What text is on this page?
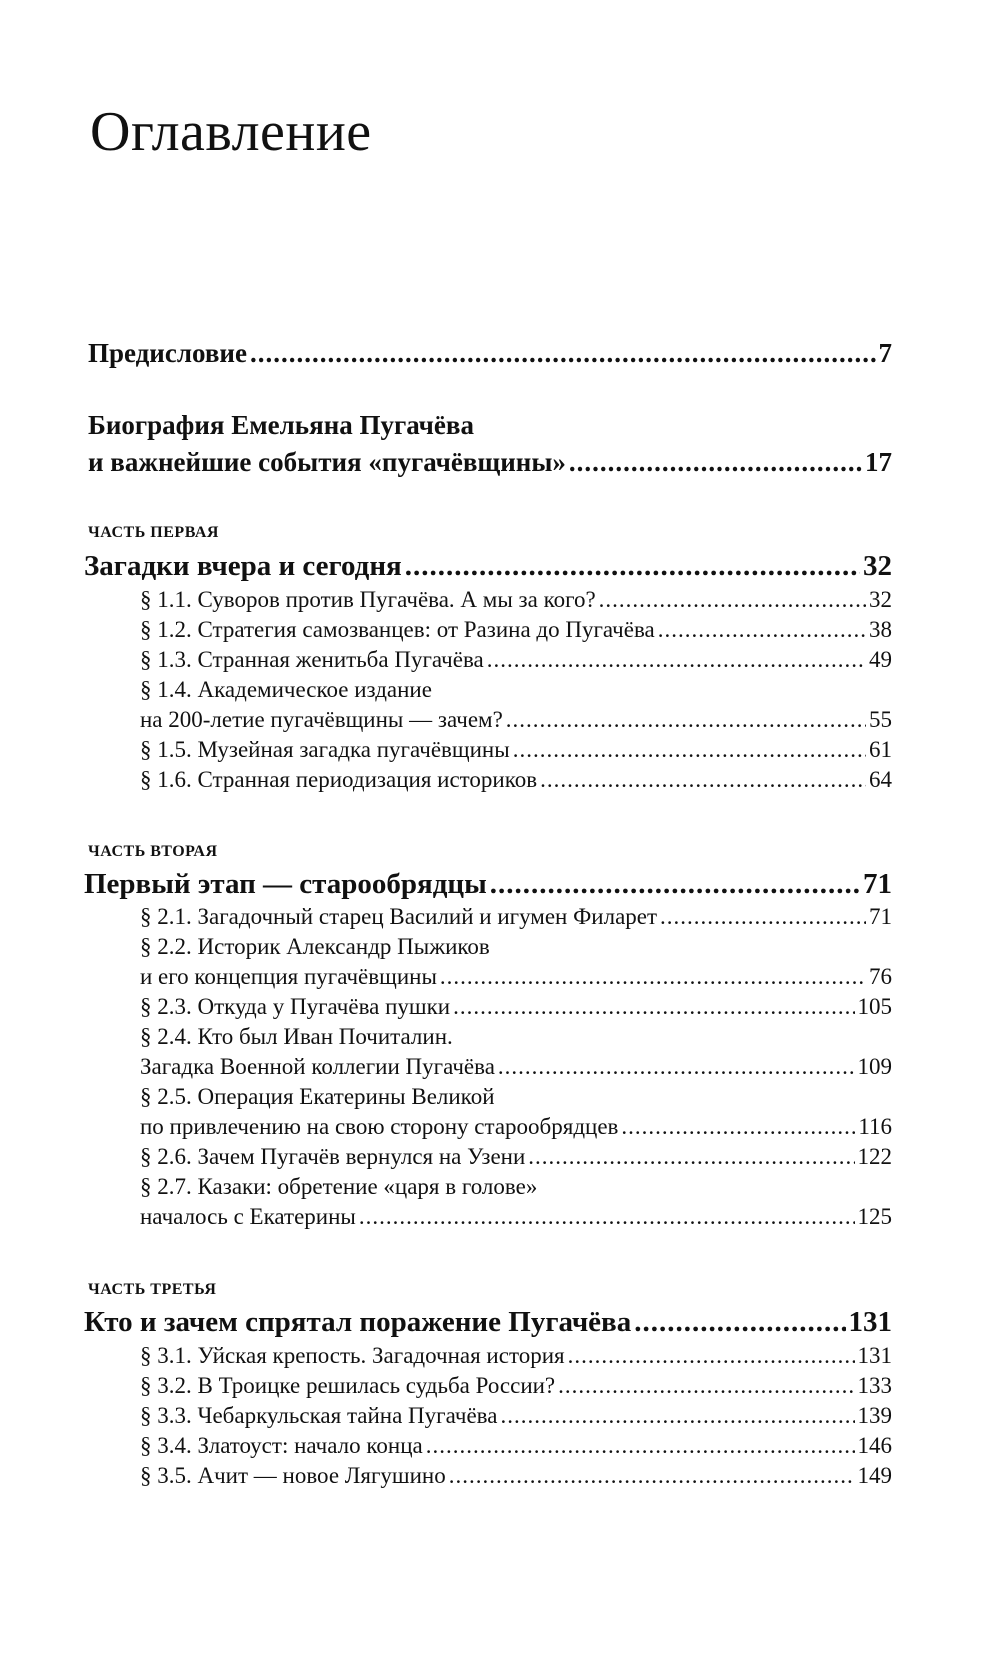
Оглавление
Предисловие .....	7
Биография Емельяна Пугачёва
и важнейшие события «пугачёвщины» .....	17
ЧАСТЬ ПЕРВАЯ
Загадки вчера и сегодня .....	32
§ 1.1. Суворов против Пугачёва. А мы за кого? .....	32
§ 1.2. Стратегия самозванцев: от Разина до Пугачёва .....	38
§ 1.3. Странная женитьба Пугачёва .....	49
§ 1.4. Академическое издание
на 200-летие пугачёвщины — зачем? .....	55
§ 1.5. Музейная загадка пугачёвщины .....	61
§ 1.6. Странная периодизация историков .....	64
ЧАСТЬ ВТОРАЯ
Первый этап — старообрядцы .....	71
§ 2.1. Загадочный старец Василий и игумен Филарет .....	71
§ 2.2. Историк Александр Пыжиков
и его концепция пугачёвщины .....	76
§ 2.3. Откуда у Пугачёва пушки .....	105
§ 2.4. Кто был Иван Почиталин.
Загадка Военной коллегии Пугачёва .....	109
§ 2.5. Операция Екатерины Великой
по привлечению на свою сторону старообрядцев .....	116
§ 2.6. Зачем Пугачёв вернулся на Узени .....	122
§ 2.7. Казаки: обретение «царя в голове»
началось с Екатерины .....	125
ЧАСТЬ ТРЕТЬЯ
Кто и зачем спрятал поражение Пугачёва .....	131
§ 3.1. Уйская крепость. Загадочная история .....	131
§ 3.2. В Троицке решилась судьба России? .....	133
§ 3.3. Чебаркульская тайна Пугачёва .....	139
§ 3.4. Златоуст: начало конца .....	146
§ 3.5. Ачит — новое Лягушино .....	149
